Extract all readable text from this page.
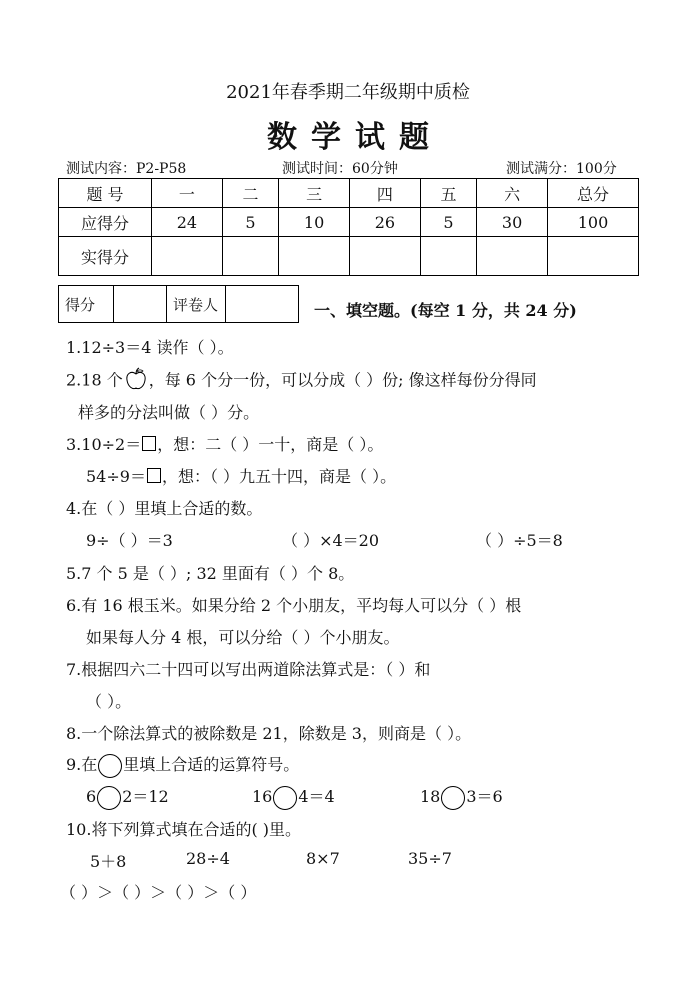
2021年春季期二年级期中质检
数学试题
测试内容：P2-P58	测试时间：60分钟	测试满分：100分
题 号	一	二	三	四	五	六	总分
应得分	24	5	10	26	5	30	100
实得分							
得分		评卷人		一、填空题。(每空 1 分，共 24 分)
1.12÷3＝4 读作（ ）。
2.18 个 ，每 6 个分一份，可以分成（ ）份; 像这样每份分得同
样多的分法叫做（ ）分。
3.10÷2＝ ，想：二（ ）一十，商是（ ）。
54÷9＝ ，想：（ ）九五十四，商是（ ）。
4.在（ ）里填上合适的数。
9÷（ ）＝3	（ ）×4＝20	（ ）÷5＝8
5.7 个 5 是（ ）; 32 里面有（ ）个 8。
6.有 16 根玉米。如果分给 2 个小朋友，平均每人可以分（ ）根
如果每人分 4 根，可以分给（ ）个小朋友。
7.根据四六二十四可以写出两道除法算式是：（ ）和
（ ）。
8.一个除法算式的被除数是 21，除数是 3，则商是（ ）。
9.在 里填上合适的运算符号。
6 2＝12	16 4＝4	18 3＝6
10.将下列算式填在合适的( )里。
5＋8	28÷4	8×7	35÷7
（ ）＞（ ）＞（ ）＞（ ）
